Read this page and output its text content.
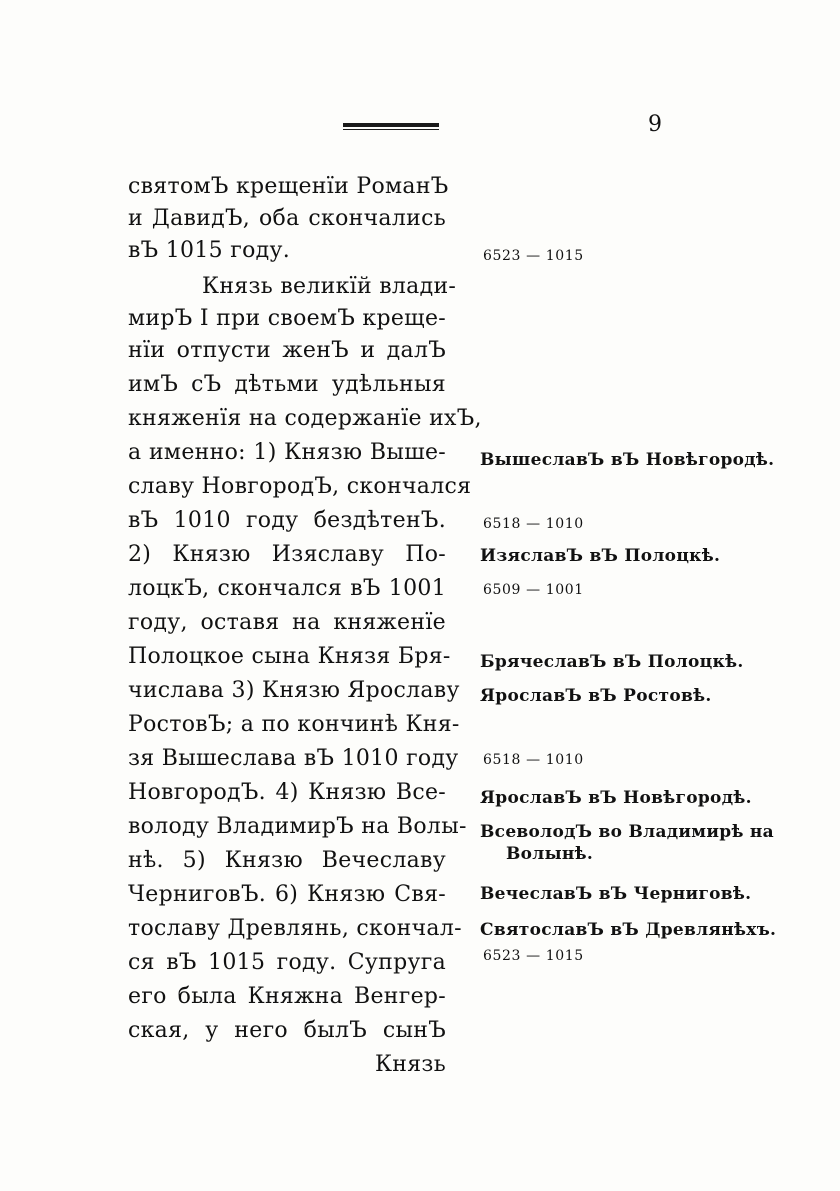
9
святомЪ крещенїи РоманЪ
и ДавидЪ, оба скончались
вЪ 1015 году.
Князь великїй влади-
мирЪ I при своемЪ крещe-
нїи отпусти женЪ и далЪ
имЪ сЪ дѣтьми удѣльныя
княженїя на содержанїе ихЪ,
а именно: 1) Князю Выше-
славу НовгородЪ, скончался
вЪ 1010 году бездѣтенЪ.
2) Князю Изяславу По-
лоцкЪ, скончался вЪ 1001
году, оставя на княженїе
Полоцкое сына Князя Бря-
числава 3) Князю Ярославу
РостовЪ; а по кончинѣ Кня-
зя Вышеслава вЪ 1010 году
НовгородЪ. 4) Князю Все-
володу ВладимирЪ на Волы-
нѣ. 5) Князю Вечеславу
ЧерниговЪ. 6) Князю Свя-
тославу Древлянь, скончал-
ся вЪ 1015 году. Супруга
его была Княжна Венгер-
ская, у него былЪ сынЪ
Князь
6523 — 1015
ВышеславЪ вЪ Новѣгородѣ.
6518 — 1010
ИзяславЪ вЪ Полоцкѣ.
6509 — 1001
БрячеславЪ вЪ Полоцкѣ.
ЯрославЪ вЪ Ростовѣ.
6518 — 1010
ЯрославЪ вЪ Новѣгородѣ.
ВсеволодЪ во Владимирѣ на
Волынѣ.
ВечеславЪ вЪ Черниговѣ.
СвятославЪ вЪ Древлянѣхъ.
6523 — 1015
